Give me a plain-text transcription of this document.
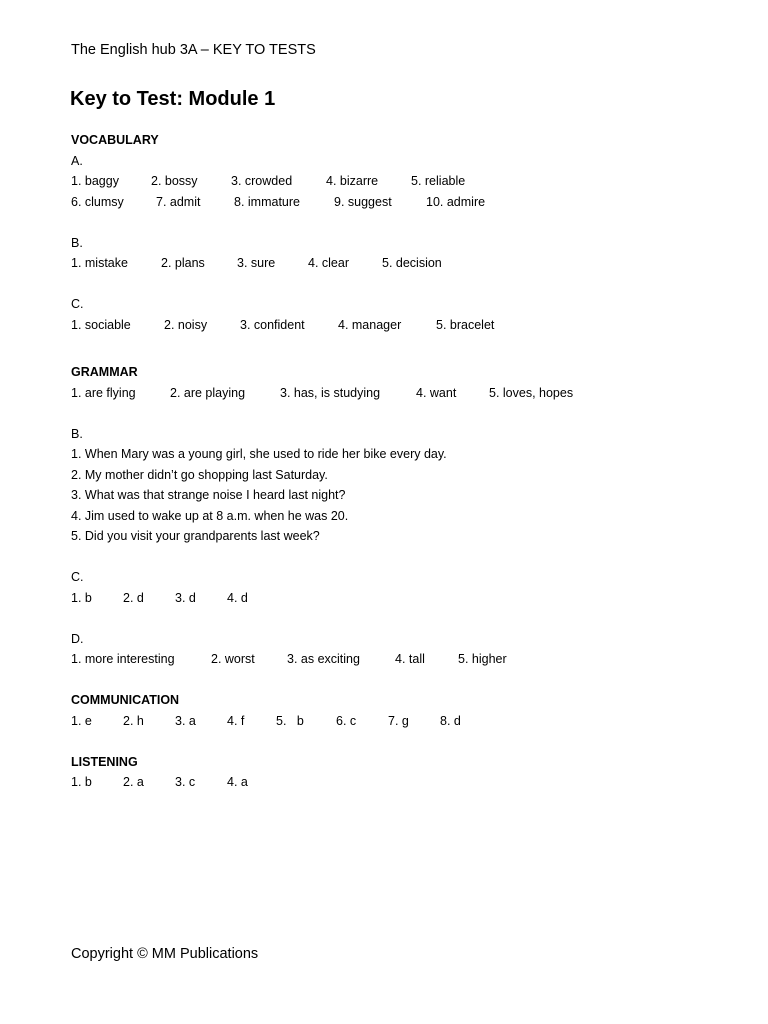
The English hub 3A – KEY TO TESTS
Key to Test: Module 1
VOCABULARY
A.
1. baggy	2. bossy	3. crowded	4. bizarre	5. reliable
6. clumsy	7. admit	8. immature	9. suggest	10. admire
B.
1. mistake	2. plans	3. sure	4. clear	5. decision
C.
1. sociable	2. noisy	3. confident	4. manager	5. bracelet
GRAMMAR
1. are flying	2. are playing	3. has, is studying	4. want	5. loves, hopes
B.
1. When Mary was a young girl, she used to ride her bike every day.
2. My mother didn’t go shopping last Saturday.
3. What was that strange noise I heard last night?
4. Jim used to wake up at 8 a.m. when he was 20.
5. Did you visit your grandparents last week?
C.
1. b 2. d 3. d 4. d
D.
1. more interesting	2. worst	3. as exciting	4. tall	5. higher
COMMUNICATION
1. e 2. h 3. a 4. f	5.   b	6. c	7. g 8. d
LISTENING
1. b 2. a 3. c	4. a
Copyright © MM Publications
